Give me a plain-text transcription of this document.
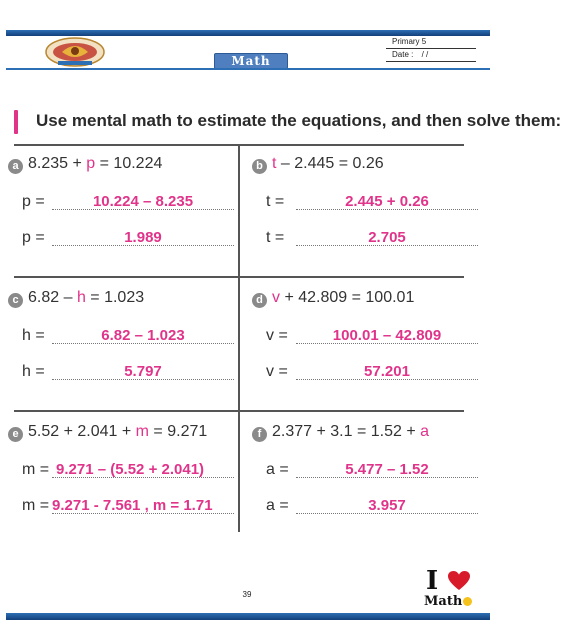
Math
Primary 5
Date : / /
Use mental math to estimate the equations, and then solve them:
a 8.235 + p = 10.224
p =	10.224 – 8.235
p =	1.989
b t – 2.445 = 0.26
t =	2.445 + 0.26
t =	2.705
c 6.82 – h = 1.023
h =	6.82 – 1.023
h =	5.797
d v + 42.809 = 100.01
v =	100.01 – 42.809
v =	57.201
e 5.52 + 2.041 + m = 9.271
m = 9.271 – (5.52 + 2.041)
m = 9.271 - 7.561 , m = 1.71
f 2.377 + 3.1 = 1.52 + a
a =	5.477 – 1.52
a =	3.957
39	I
Math
